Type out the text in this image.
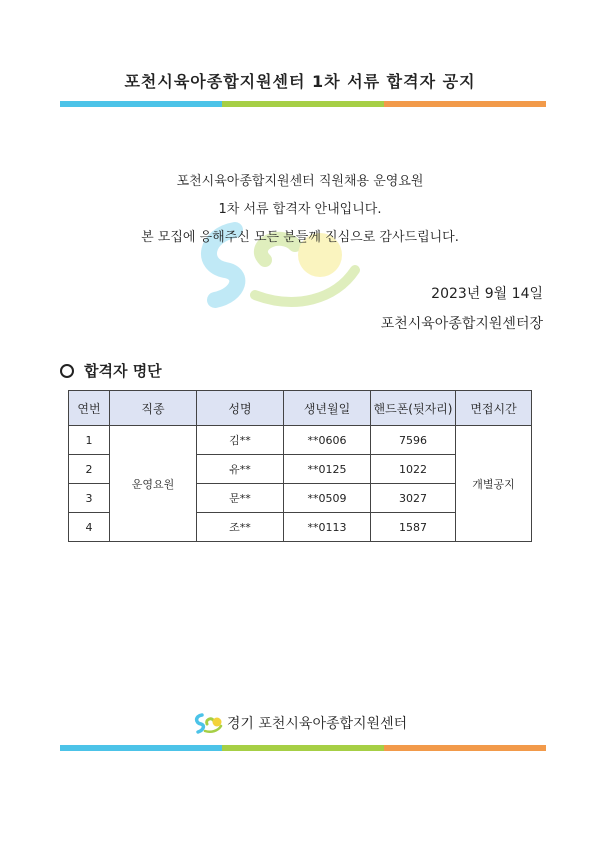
포천시육아종합지원센터 1차 서류 합격자 공지
포천시육아종합지원센터 직원채용 운영요원
1차 서류 합격자 안내입니다.
본 모집에 응해주신 모든 분들께 진심으로 감사드립니다.
2023년 9월 14일
포천시육아종합지원센터장
합격자 명단
연번	직종	성명	생년월일	핸드폰(뒷자리)	면접시간
1	운영요원	김**	**0606	7596	개별공지
2		유**	**0125	1022	
3		문**	**0509	3027	
4		조**	**0113	1587	
경기 포천시육아종합지원센터
